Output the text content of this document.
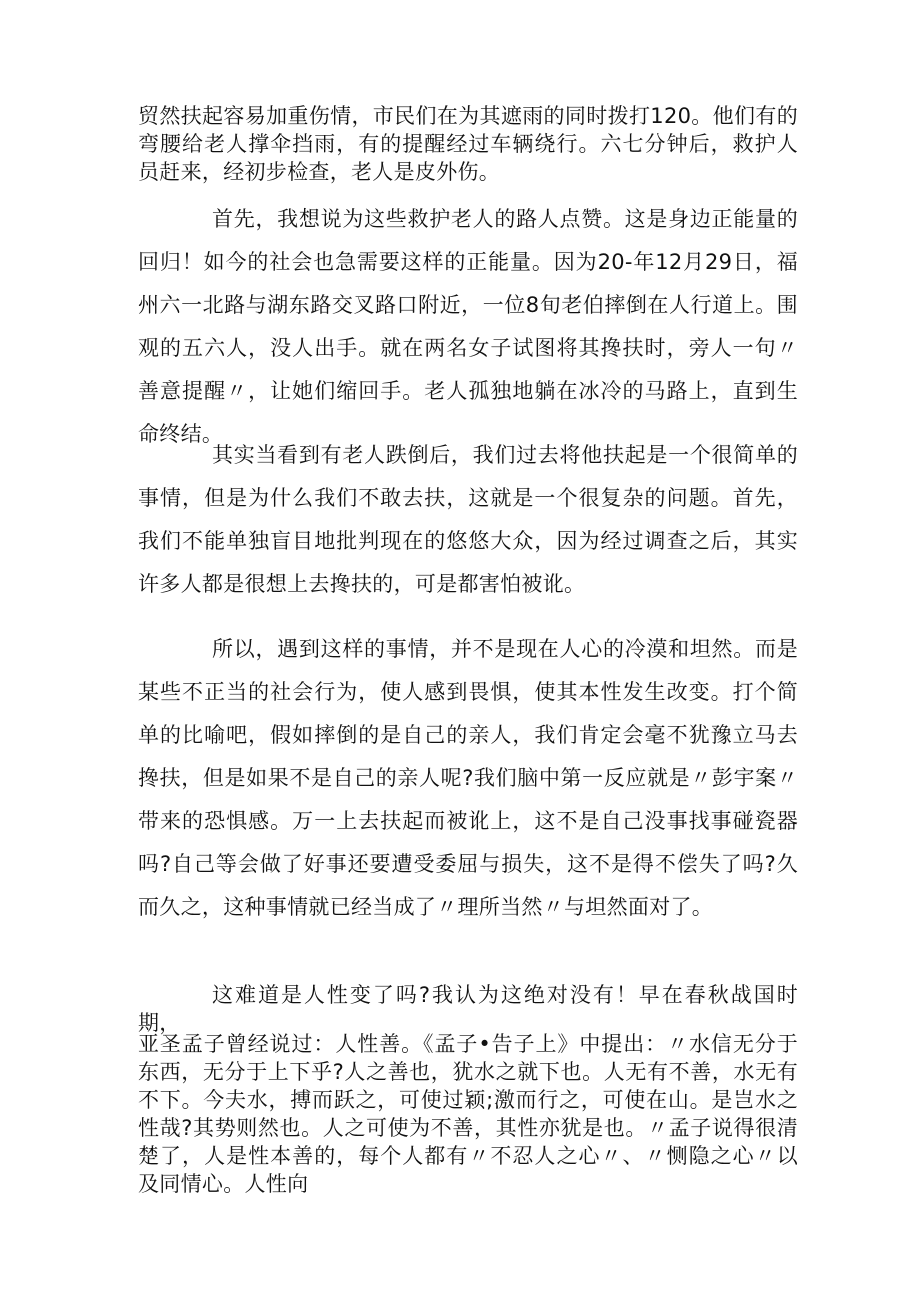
贸然扶起容易加重伤情，市民们在为其遮雨的同时拨打120。他们有的弯腰给老人撑伞挡雨，有的提醒经过车辆绕行。六七分钟后，救护人员赶来，经初步检查，老人是皮外伤。

首先，我想说为这些救护老人的路人点赞。这是身边正能量的回归！如今的社会也急需要这样的正能量。因为20-年12月29日，福州六一北路与湖东路交叉路口附近，一位8旬老伯摔倒在人行道上。围观的五六人，没人出手。就在两名女子试图将其搀扶时，旁人一句〃善意提醒〃，让她们缩回手。老人孤独地躺在冰冷的马路上，直到生命终结。

其实当看到有老人跌倒后，我们过去将他扶起是一个很简单的事情，但是为什么我们不敢去扶，这就是一个很复杂的问题。首先，我们不能单独盲目地批判现在的悠悠大众，因为经过调查之后，其实许多人都是很想上去搀扶的，可是都害怕被讹。

所以，遇到这样的事情，并不是现在人心的冷漠和坦然。而是某些不正当的社会行为，使人感到畏惧，使其本性发生改变。打个简单的比喻吧，假如摔倒的是自己的亲人，我们肯定会毫不犹豫立马去搀扶，但是如果不是自己的亲人呢?我们脑中第一反应就是〃彭宇案〃带来的恐惧感。万一上去扶起而被讹上，这不是自己没事找事碰瓷器吗?自己等会做了好事还要遭受委屈与损失，这不是得不偿失了吗?久而久之，这种事情就已经当成了〃理所当然〃与坦然面对了。

这难道是人性变了吗?我认为这绝对没有！早在春秋战国时期，

亚圣孟子曾经说过：人性善。《孟子•告子上》中提出：〃水信无分于东西，无分于上下乎?人之善也，犹水之就下也。人无有不善，水无有不下。今夫水，搏而跃之，可使过颖;激而行之，可使在山。是岂水之性哉?其势则然也。人之可使为不善，其性亦犹是也。〃孟子说得很清楚了，人是性本善的，每个人都有〃不忍人之心〃、〃恻隐之心〃以及同情心。人性向
